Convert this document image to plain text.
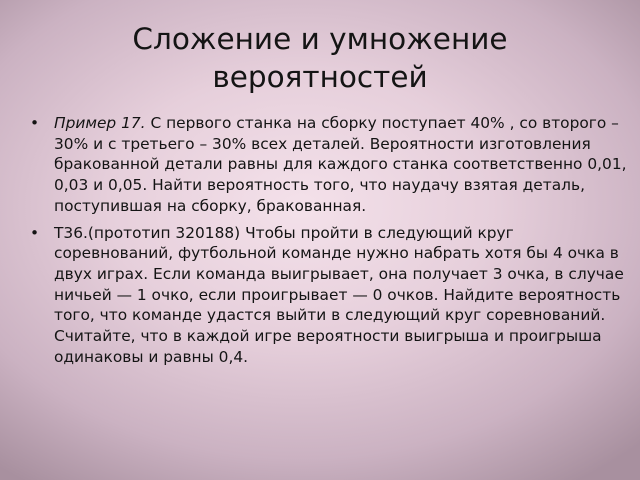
Сложение и умножение вероятностей
• Пример 17. С первого станка на сборку поступает 40% , со второго – 30% и с третьего – 30% всех деталей. Вероятности изготовления бракованной детали равны для каждого станка соответственно 0,01, 0,03 и 0,05. Найти вероятность того, что наудачу взятая деталь, поступившая на сборку, бракованная.
• Т36.(прототип 320188) Чтобы пройти в следующий круг соревнований, футбольной команде нужно набрать хотя бы 4 очка в двух играх. Если команда выигрывает, она получает 3 очка, в случае ничьей — 1 очко, если проигрывает — 0 очков. Найдите вероятность того, что команде удастся выйти в следующий круг соревнований. Считайте, что в каждой игре вероятности выигрыша и проигрыша одинаковы и равны 0,4.
